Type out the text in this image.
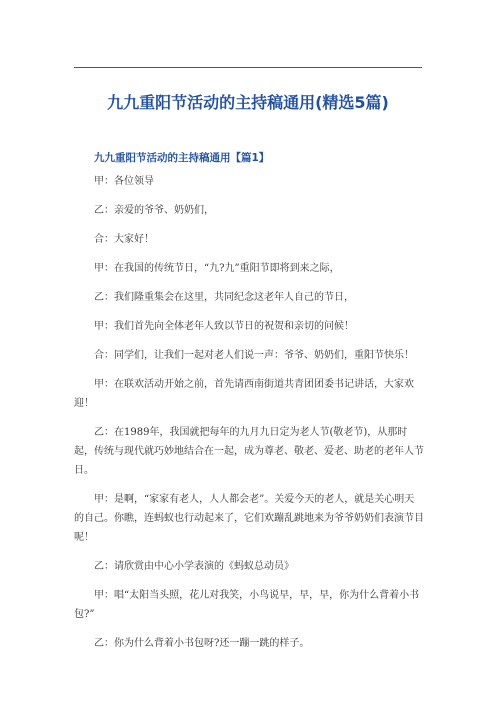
九九重阳节活动的主持稿通用(精选5篇)
九九重阳节活动的主持稿通用【篇1】

甲：各位领导

乙：亲爱的爷爷、奶奶们，

合：大家好！

甲：在我国的传统节日，“九?九”重阳节即将到来之际，

乙：我们隆重集会在这里，共同纪念这老年人自己的节日，

甲：我们首先向全体老年人致以节日的祝贺和亲切的问候！

合：同学们，让我们一起对老人们说一声：爷爷、奶奶们，重阳节快乐！

甲：在联欢活动开始之前，首先请西南街道共青团团委书记讲话，大家欢迎！

乙：在1989年，我国就把每年的九月九日定为老人节(敬老节)，从那时起，传统与现代就巧妙地结合在一起，成为尊老、敬老、爱老、助老的老年人节日。

甲：是啊，“家家有老人，人人都会老”。关爱今天的老人，就是关心明天的自己。你瞧，连蚂蚁也行动起来了，它们欢蹦乱跳地来为爷爷奶奶们表演节目呢！

乙：请欣赏由中心小学表演的《蚂蚁总动员》

甲：唱“太阳当头照，花儿对我笑，小鸟说早，早，早，你为什么背着小书包?”

乙：你为什么背着小书包呀?还一蹦一跳的样子。
